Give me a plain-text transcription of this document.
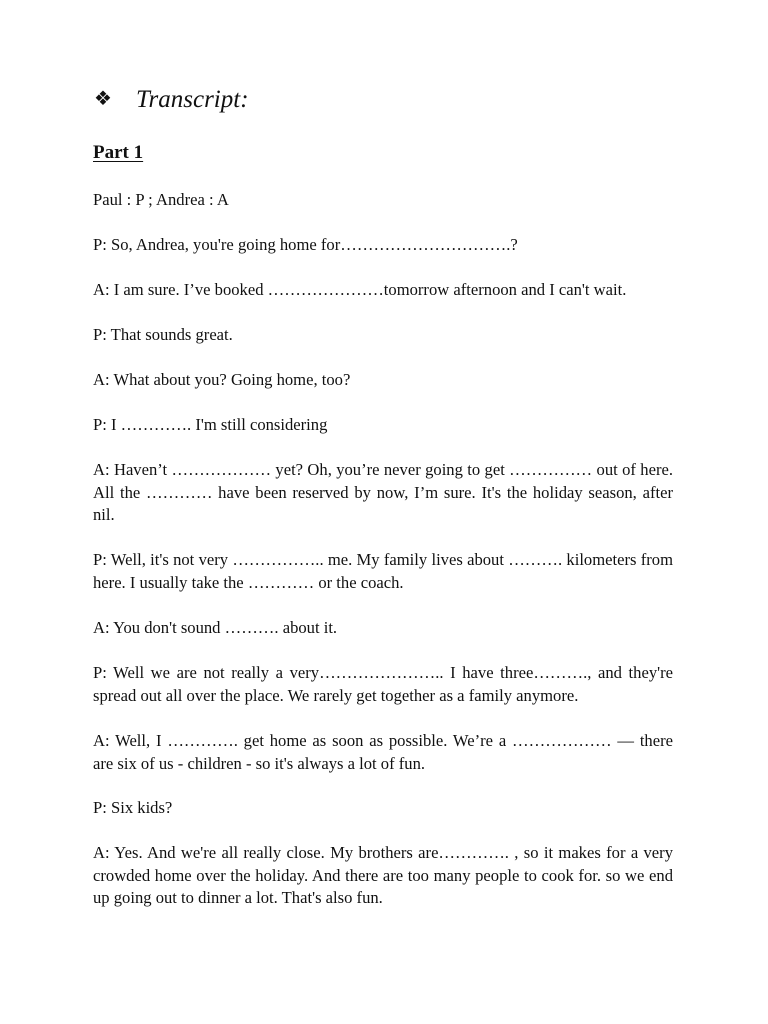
❖ Transcript:
Part 1

Paul : P ; Andrea : A

P: So, Andrea, you're going home for………………………….?

A: I am sure. I’ve booked …………………tomorrow afternoon and I can't wait.

P: That sounds great.

A: What about you? Going home, too?

P: I …………. I'm still considering

A: Haven’t ……………… yet? Oh, you’re never going to get …………… out of here. All the ………… have been reserved by now, I’m sure. It's the holiday season, after nil.

P: Well, it's not very …………….. me. My family lives about ………. kilometers from here. I usually take the ………… or the coach.

A: You don't sound ………. about it.

P: Well we are not really a very………………….. I have three………., and they're spread out all over the place. We rarely get together as a family anymore.

A: Well, I …………. get home as soon as possible. We’re a ……………… — there are six of us - children - so it's always a lot of fun.

P: Six kids?

A: Yes. And we're all really close. My brothers are…………. , so it makes for a very crowded home over the holiday. And there are too many people to cook for. so we end up going out to dinner a lot. That's also fun.
